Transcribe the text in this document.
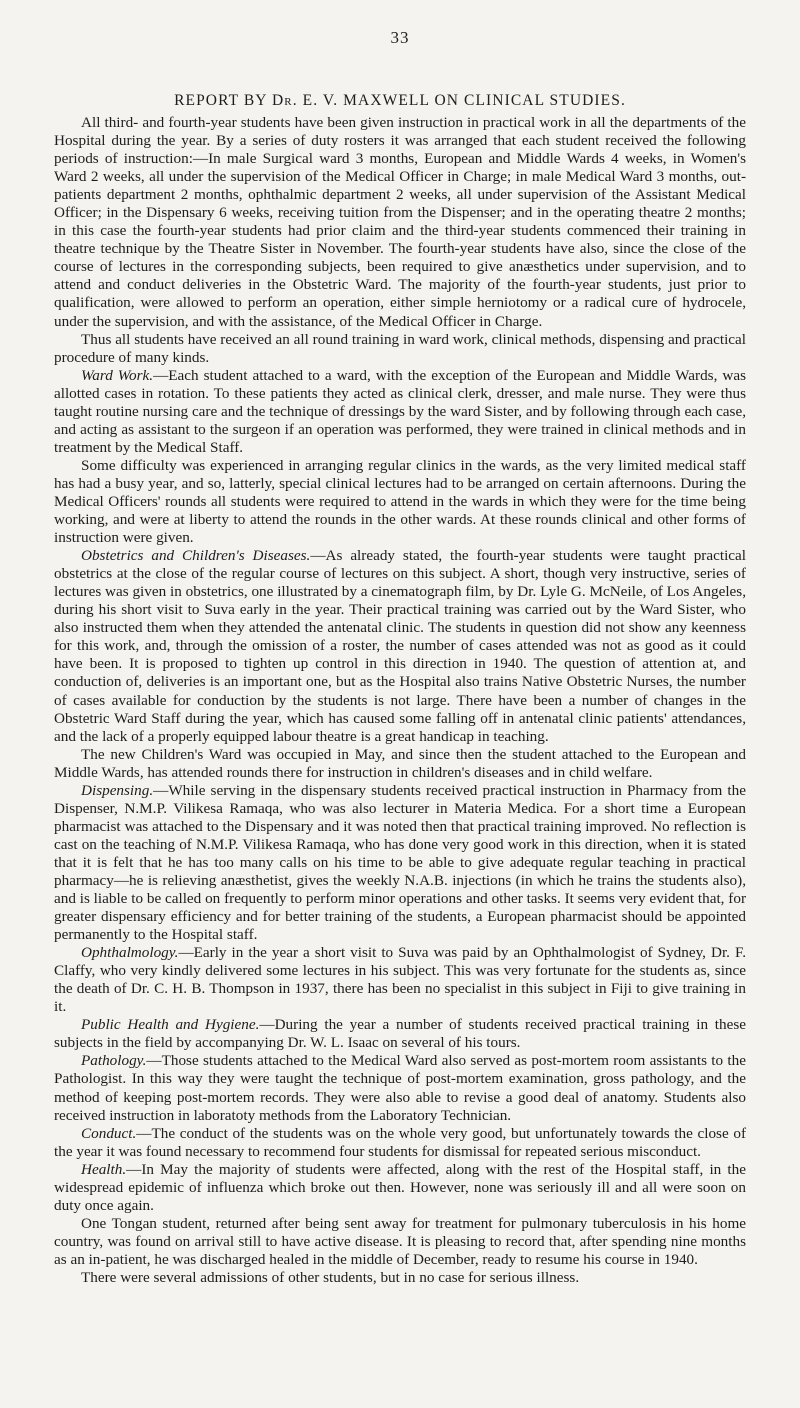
33
REPORT BY Dr. E. V. MAXWELL ON CLINICAL STUDIES.

All third- and fourth-year students have been given instruction in practical work in all the departments of the Hospital during the year. By a series of duty rosters it was arranged that each student received the following periods of instruction:—In male Surgical ward 3 months, European and Middle Wards 4 weeks, in Women's Ward 2 weeks, all under the supervision of the Medical Officer in Charge; in male Medical Ward 3 months, out-patients department 2 months, ophthalmic department 2 weeks, all under supervision of the Assistant Medical Officer; in the Dispensary 6 weeks, receiving tuition from the Dispenser; and in the operating theatre 2 months; in this case the fourth-year students had prior claim and the third-year students commenced their training in theatre technique by the Theatre Sister in November. The fourth-year students have also, since the close of the course of lectures in the corresponding subjects, been required to give anæsthetics under supervision, and to attend and conduct deliveries in the Obstetric Ward. The majority of the fourth-year students, just prior to qualification, were allowed to perform an operation, either simple herniotomy or a radical cure of hydrocele, under the supervision, and with the assistance, of the Medical Officer in Charge.

Thus all students have received an all round training in ward work, clinical methods, dispensing and practical procedure of many kinds.

Ward Work.—Each student attached to a ward, with the exception of the European and Middle Wards, was allotted cases in rotation. To these patients they acted as clinical clerk, dresser, and male nurse. They were thus taught routine nursing care and the technique of dressings by the ward Sister, and by following through each case, and acting as assistant to the surgeon if an operation was performed, they were trained in clinical methods and in treatment by the Medical Staff.

Some difficulty was experienced in arranging regular clinics in the wards, as the very limited medical staff has had a busy year, and so, latterly, special clinical lectures had to be arranged on certain afternoons. During the Medical Officers' rounds all students were required to attend in the wards in which they were for the time being working, and were at liberty to attend the rounds in the other wards. At these rounds clinical and other forms of instruction were given.

Obstetrics and Children's Diseases.—As already stated, the fourth-year students were taught practical obstetrics at the close of the regular course of lectures on this subject. A short, though very instructive, series of lectures was given in obstetrics, one illustrated by a cinematograph film, by Dr. Lyle G. McNeile, of Los Angeles, during his short visit to Suva early in the year. Their practical training was carried out by the Ward Sister, who also instructed them when they attended the antenatal clinic. The students in question did not show any keenness for this work, and, through the omission of a roster, the number of cases attended was not as good as it could have been. It is proposed to tighten up control in this direction in 1940. The question of attention at, and conduction of, deliveries is an important one, but as the Hospital also trains Native Obstetric Nurses, the number of cases available for conduction by the students is not large. There have been a number of changes in the Obstetric Ward Staff during the year, which has caused some falling off in antenatal clinic patients' attendances, and the lack of a properly equipped labour theatre is a great handicap in teaching.

The new Children's Ward was occupied in May, and since then the student attached to the European and Middle Wards, has attended rounds there for instruction in children's diseases and in child welfare.

Dispensing.—While serving in the dispensary students received practical instruction in Pharmacy from the Dispenser, N.M.P. Vilikesa Ramaqa, who was also lecturer in Materia Medica. For a short time a European pharmacist was attached to the Dispensary and it was noted then that practical training improved. No reflection is cast on the teaching of N.M.P. Vilikesa Ramaqa, who has done very good work in this direction, when it is stated that it is felt that he has too many calls on his time to be able to give adequate regular teaching in practical pharmacy—he is relieving anæsthetist, gives the weekly N.A.B. injections (in which he trains the students also), and is liable to be called on frequently to perform minor operations and other tasks. It seems very evident that, for greater dispensary efficiency and for better training of the students, a European pharmacist should be appointed permanently to the Hospital staff.

Ophthalmology.—Early in the year a short visit to Suva was paid by an Ophthalmologist of Sydney, Dr. F. Claffy, who very kindly delivered some lectures in his subject. This was very fortunate for the students as, since the death of Dr. C. H. B. Thompson in 1937, there has been no specialist in this subject in Fiji to give training in it.

Public Health and Hygiene.—During the year a number of students received practical training in these subjects in the field by accompanying Dr. W. L. Isaac on several of his tours.

Pathology.—Those students attached to the Medical Ward also served as post-mortem room assistants to the Pathologist. In this way they were taught the technique of post-mortem examination, gross pathology, and the method of keeping post-mortem records. They were also able to revise a good deal of anatomy. Students also received instruction in laboratoty methods from the Laboratory Technician.

Conduct.—The conduct of the students was on the whole very good, but unfortunately towards the close of the year it was found necessary to recommend four students for dismissal for repeated serious misconduct.

Health.—In May the majority of students were affected, along with the rest of the Hospital staff, in the widespread epidemic of influenza which broke out then. However, none was seriously ill and all were soon on duty once again.

One Tongan student, returned after being sent away for treatment for pulmonary tuberculosis in his home country, was found on arrival still to have active disease. It is pleasing to record that, after spending nine months as an in-patient, he was discharged healed in the middle of December, ready to resume his course in 1940.

There were several admissions of other students, but in no case for serious illness.
